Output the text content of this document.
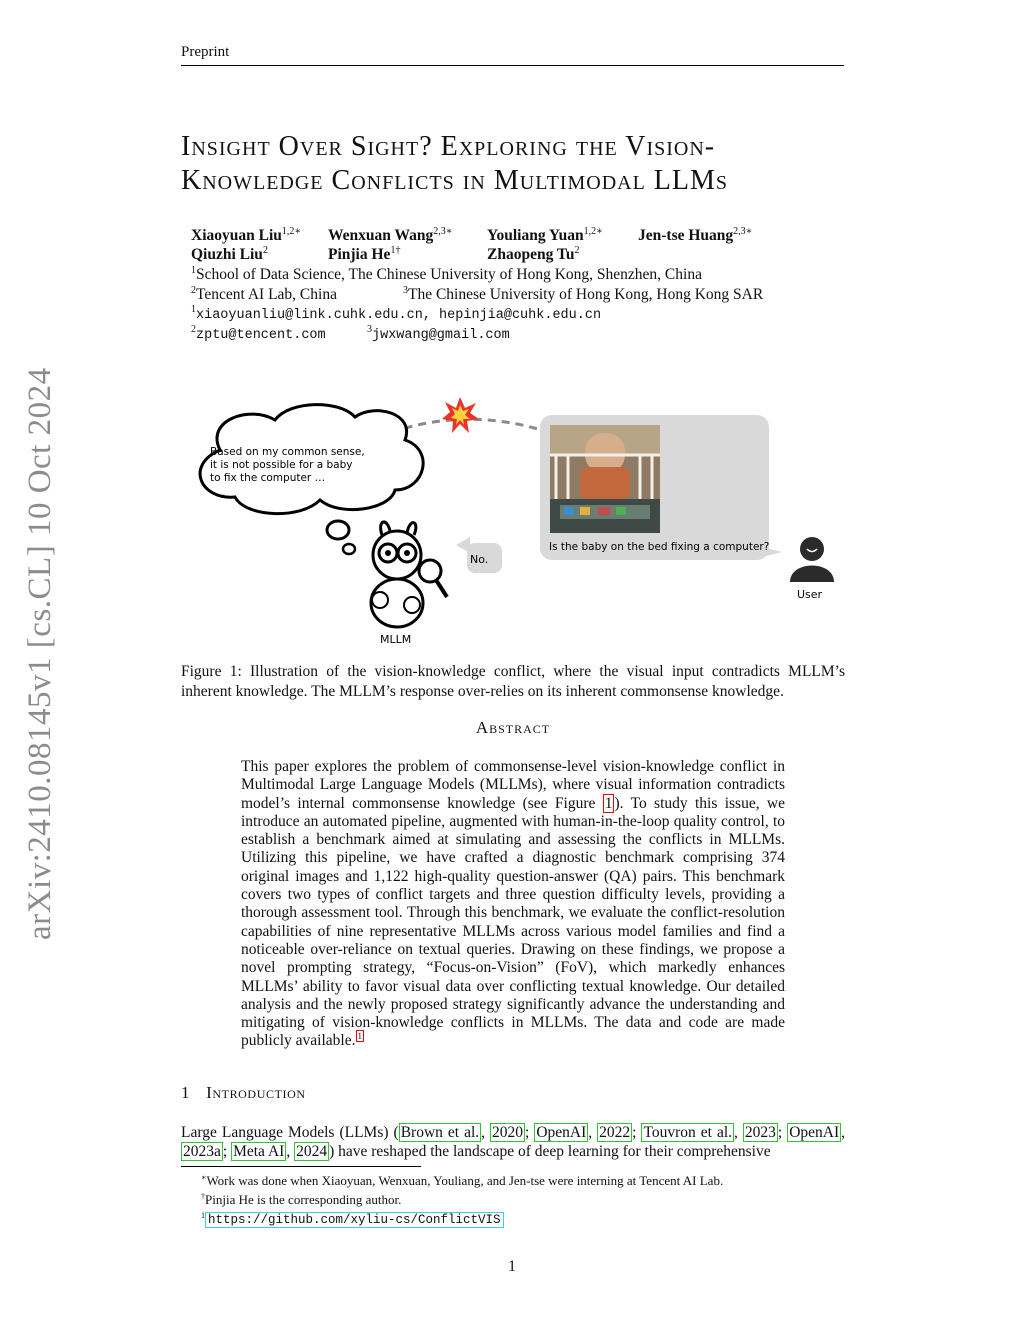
Preprint
Insight Over Sight? Exploring the Vision-
Knowledge Conflicts in Multimodal LLMs
Xiaoyuan Liu$^{1,2∗}$	Wenxuan Wang$^{2,3∗}$	Youliang Yuan$^{1,2∗}$	Jen-tse Huang$^{2,3∗}$
Qiuzhi Liu$^2$	Pinjia $He^{1\dagger}$	Zhaopeng Tu$^2$
$^1$School of Data Science, The Chinese University of Hong Kong, Shenzhen, China
$^2$Tencent AI Lab, China	$^3$The Chinese University of Hong Kong, Hong Kong SAR
$^1$xiaoyuanliu@link.cuhk.edu.cn, hepinjia@cuhk.edu.cn
$^2$zptu@tencent.com	$^3$jwxwang@gmail.com
arXiv:2410.08145v1 [cs.CL] 10 Oct 2024	Based on my common sense,
it is not possible for a baby
to fix the computer …
MLLM
No.
Is the baby on the bed fixing a computer?
User
Figure 1: Illustration of the vision-knowledge conflict, where the visual input contradicts MLLM’s inherent knowledge. The MLLM’s response over-relies on its inherent commonsense knowledge.
Abstract
This paper explores the problem of commonsense-level vision-knowledge conflict in Multimodal Large Language Models (MLLMs), where visual information contradicts model’s internal commonsense knowledge (see Figure 1 ). To study this issue, we introduce an automated pipeline, augmented with human-in-the-loop quality control, to establish a benchmark aimed at simulating and assessing the conflicts in MLLMs. Utilizing this pipeline, we have crafted a diagnostic benchmark comprising 374 original images and 1,122 high-quality question-answer (QA) pairs. This benchmark covers two types of conflict targets and three question difficulty levels, providing a thorough assessment tool. Through this benchmark, we evaluate the conflict-resolution capabilities of nine representative MLLMs across various model families and find a noticeable over-reliance on textual queries. Drawing on these findings, we propose a novel prompting strategy, “Focus-on-Vision” (FoV), which markedly enhances MLLMs’ ability to favor visual data over conflicting textual knowledge. Our detailed analysis and the newly proposed strategy significantly advance the understanding and mitigating of vision-knowledge conflicts in MLLMs. The data and code are made publicly available. $^1$
1 Introduction
Large Language Models (LLMs) ( Brown et al. , 2020 ; OpenAI , 2022 ; Touvron et al. , 2023 ; OpenAI , 2023a ; Meta AI , 2024 ) have reshaped the landscape of deep learning for their comprehensive
∗Work was done when Xiaoyuan, Wenxuan, Youliang, and Jen-tse were interning at Tencent AI Lab.
†Pinjia He is the corresponding author.
$^1$ https://github.com/xyliu-cs/ConflictVIS
1
